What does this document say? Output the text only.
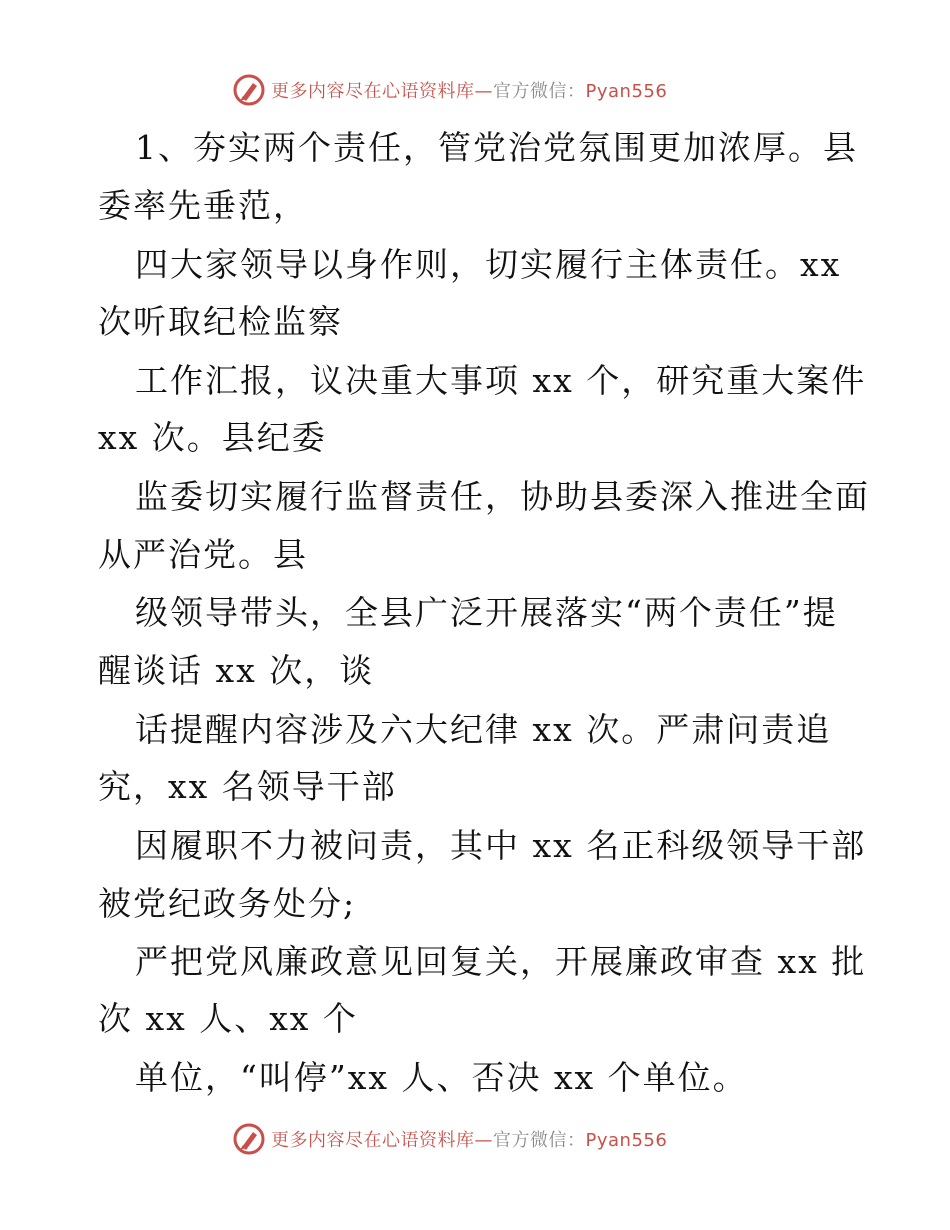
更多内容尽在心语资料库—官方微信：Pyan556
1、夯实两个责任，管党治党氛围更加浓厚。县
委率先垂范，
四大家领导以身作则，切实履行主体责任。xx
次听取纪检监察
工作汇报，议决重大事项 xx 个，研究重大案件
xx 次。县纪委
监委切实履行监督责任，协助县委深入推进全面
从严治党。县
级领导带头，全县广泛开展落实“两个责任”提
醒谈话 xx 次，谈
话提醒内容涉及六大纪律 xx 次。严肃问责追
究，xx 名领导干部
因履职不力被问责，其中 xx 名正科级领导干部
被党纪政务处分;
严把党风廉政意见回复关，开展廉政审查 xx 批
次 xx 人、xx 个
单位，“叫停”xx 人、否决 xx 个单位。
更多内容尽在心语资料库—官方微信：Pyan556
